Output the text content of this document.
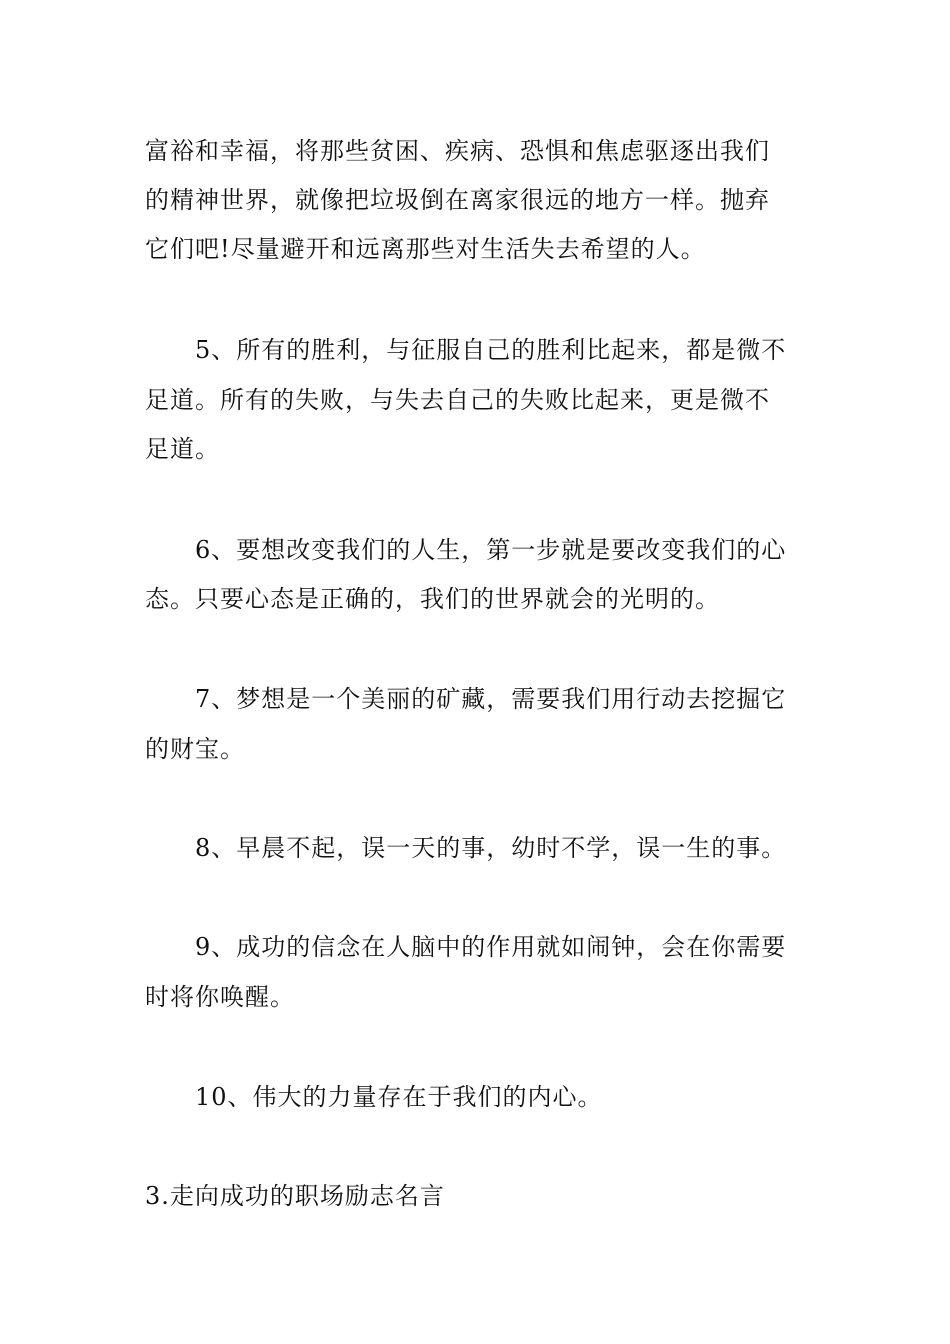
富裕和幸福，将那些贫困、疾病、恐惧和焦虑驱逐出我们
的精神世界，就像把垃圾倒在离家很远的地方一样。抛弃
它们吧!尽量避开和远离那些对生活失去希望的人。
5、所有的胜利，与征服自己的胜利比起来，都是微不
足道。所有的失败，与失去自己的失败比起来，更是微不
足道。
6、要想改变我们的人生，第一步就是要改变我们的心
态。只要心态是正确的，我们的世界就会的光明的。
7、梦想是一个美丽的矿藏，需要我们用行动去挖掘它
的财宝。
8、早晨不起，误一天的事，幼时不学，误一生的事。
9、成功的信念在人脑中的作用就如闹钟，会在你需要
时将你唤醒。
10、伟大的力量存在于我们的内心。
3.走向成功的职场励志名言
